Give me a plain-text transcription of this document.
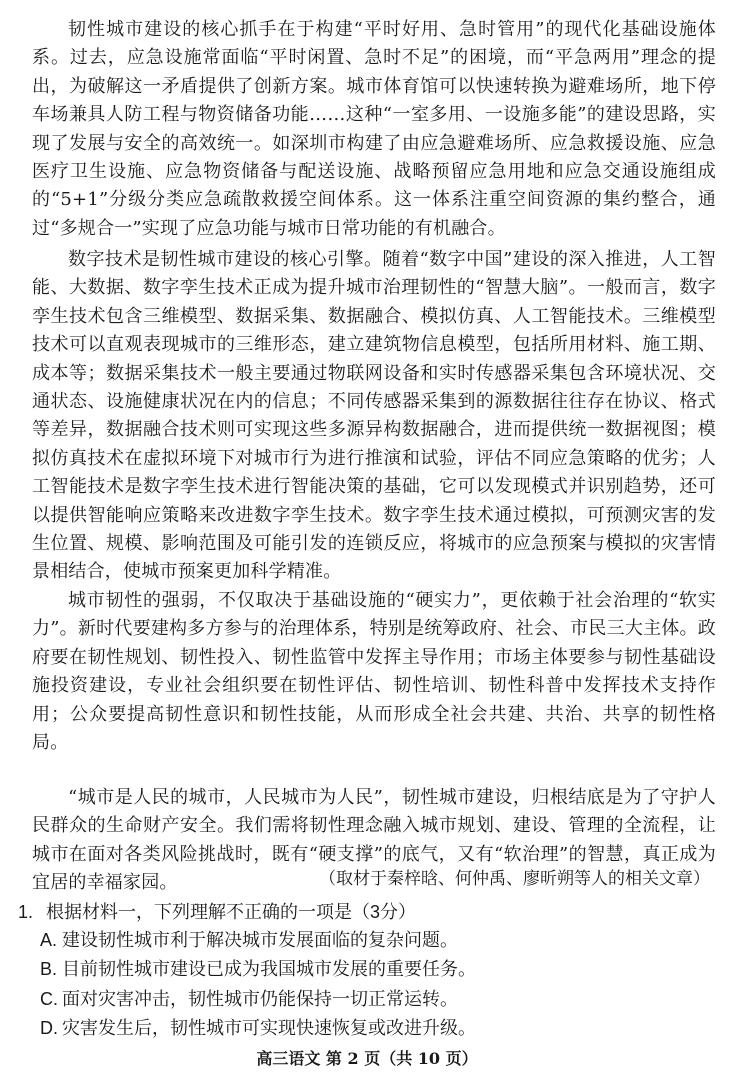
韧性城市建设的核心抓手在于构建“平时好用、急时管用”的现代化基础设施体系。过去，应急设施常面临“平时闲置、急时不足”的困境，而“平急两用”理念的提出，为破解这一矛盾提供了创新方案。城市体育馆可以快速转换为避难场所，地下停车场兼具人防工程与物资储备功能……这种“一室多用、一设施多能”的建设思路，实现了发展与安全的高效统一。如深圳市构建了由应急避难场所、应急救援设施、应急医疗卫生设施、应急物资储备与配送设施、战略预留应急用地和应急交通设施组成的“5+1”分级分类应急疏散救援空间体系。这一体系注重空间资源的集约整合，通过“多规合一”实现了应急功能与城市日常功能的有机融合。

数字技术是韧性城市建设的核心引擎。随着“数字中国”建设的深入推进，人工智能、大数据、数字孪生技术正成为提升城市治理韧性的“智慧大脑”。一般而言，数字孪生技术包含三维模型、数据采集、数据融合、模拟仿真、人工智能技术。三维模型技术可以直观表现城市的三维形态，建立建筑物信息模型，包括所用材料、施工期、成本等；数据采集技术一般主要通过物联网设备和实时传感器采集包含环境状况、交通状态、设施健康状况在内的信息；不同传感器采集到的源数据往往存在协议、格式等差异，数据融合技术则可实现这些多源异构数据融合，进而提供统一数据视图；模拟仿真技术在虚拟环境下对城市行为进行推演和试验，评估不同应急策略的优劣；人工智能技术是数字孪生技术进行智能决策的基础，它可以发现模式并识别趋势，还可以提供智能响应策略来改进数字孪生技术。数字孪生技术通过模拟，可预测灾害的发生位置、规模、影响范围及可能引发的连锁反应，将城市的应急预案与模拟的灾害情景相结合，使城市预案更加科学精准。

城市韧性的强弱，不仅取决于基础设施的“硬实力”，更依赖于社会治理的“软实力”。新时代要建构多方参与的治理体系，特别是统筹政府、社会、市民三大主体。政府要在韧性规划、韧性投入、韧性监管中发挥主导作用；市场主体要参与韧性基础设施投资建设，专业社会组织要在韧性评估、韧性培训、韧性科普中发挥技术支持作用；公众要提高韧性意识和韧性技能，从而形成全社会共建、共治、共享的韧性格局。

“城市是人民的城市，人民城市为人民”，韧性城市建设，归根结底是为了守护人民群众的生命财产安全。我们需将韧性理念融入城市规划、建设、管理的全流程，让城市在面对各类风险挑战时，既有“硬支撑”的底气，又有“软治理”的智慧，真正成为宜居的幸福家园。	（取材于秦梓晗、何仲禹、廖昕朔等人的相关文章）

1. 根据材料一，下列理解不正确的一项是（3分）
A. 建设韧性城市利于解决城市发展面临的复杂问题。
B. 目前韧性城市建设已成为我国城市发展的重要任务。
C. 面对灾害冲击，韧性城市仍能保持一切正常运转。
D. 灾害发生后，韧性城市可实现快速恢复或改进升级。

高三语文 第 2 页（共 10 页）
